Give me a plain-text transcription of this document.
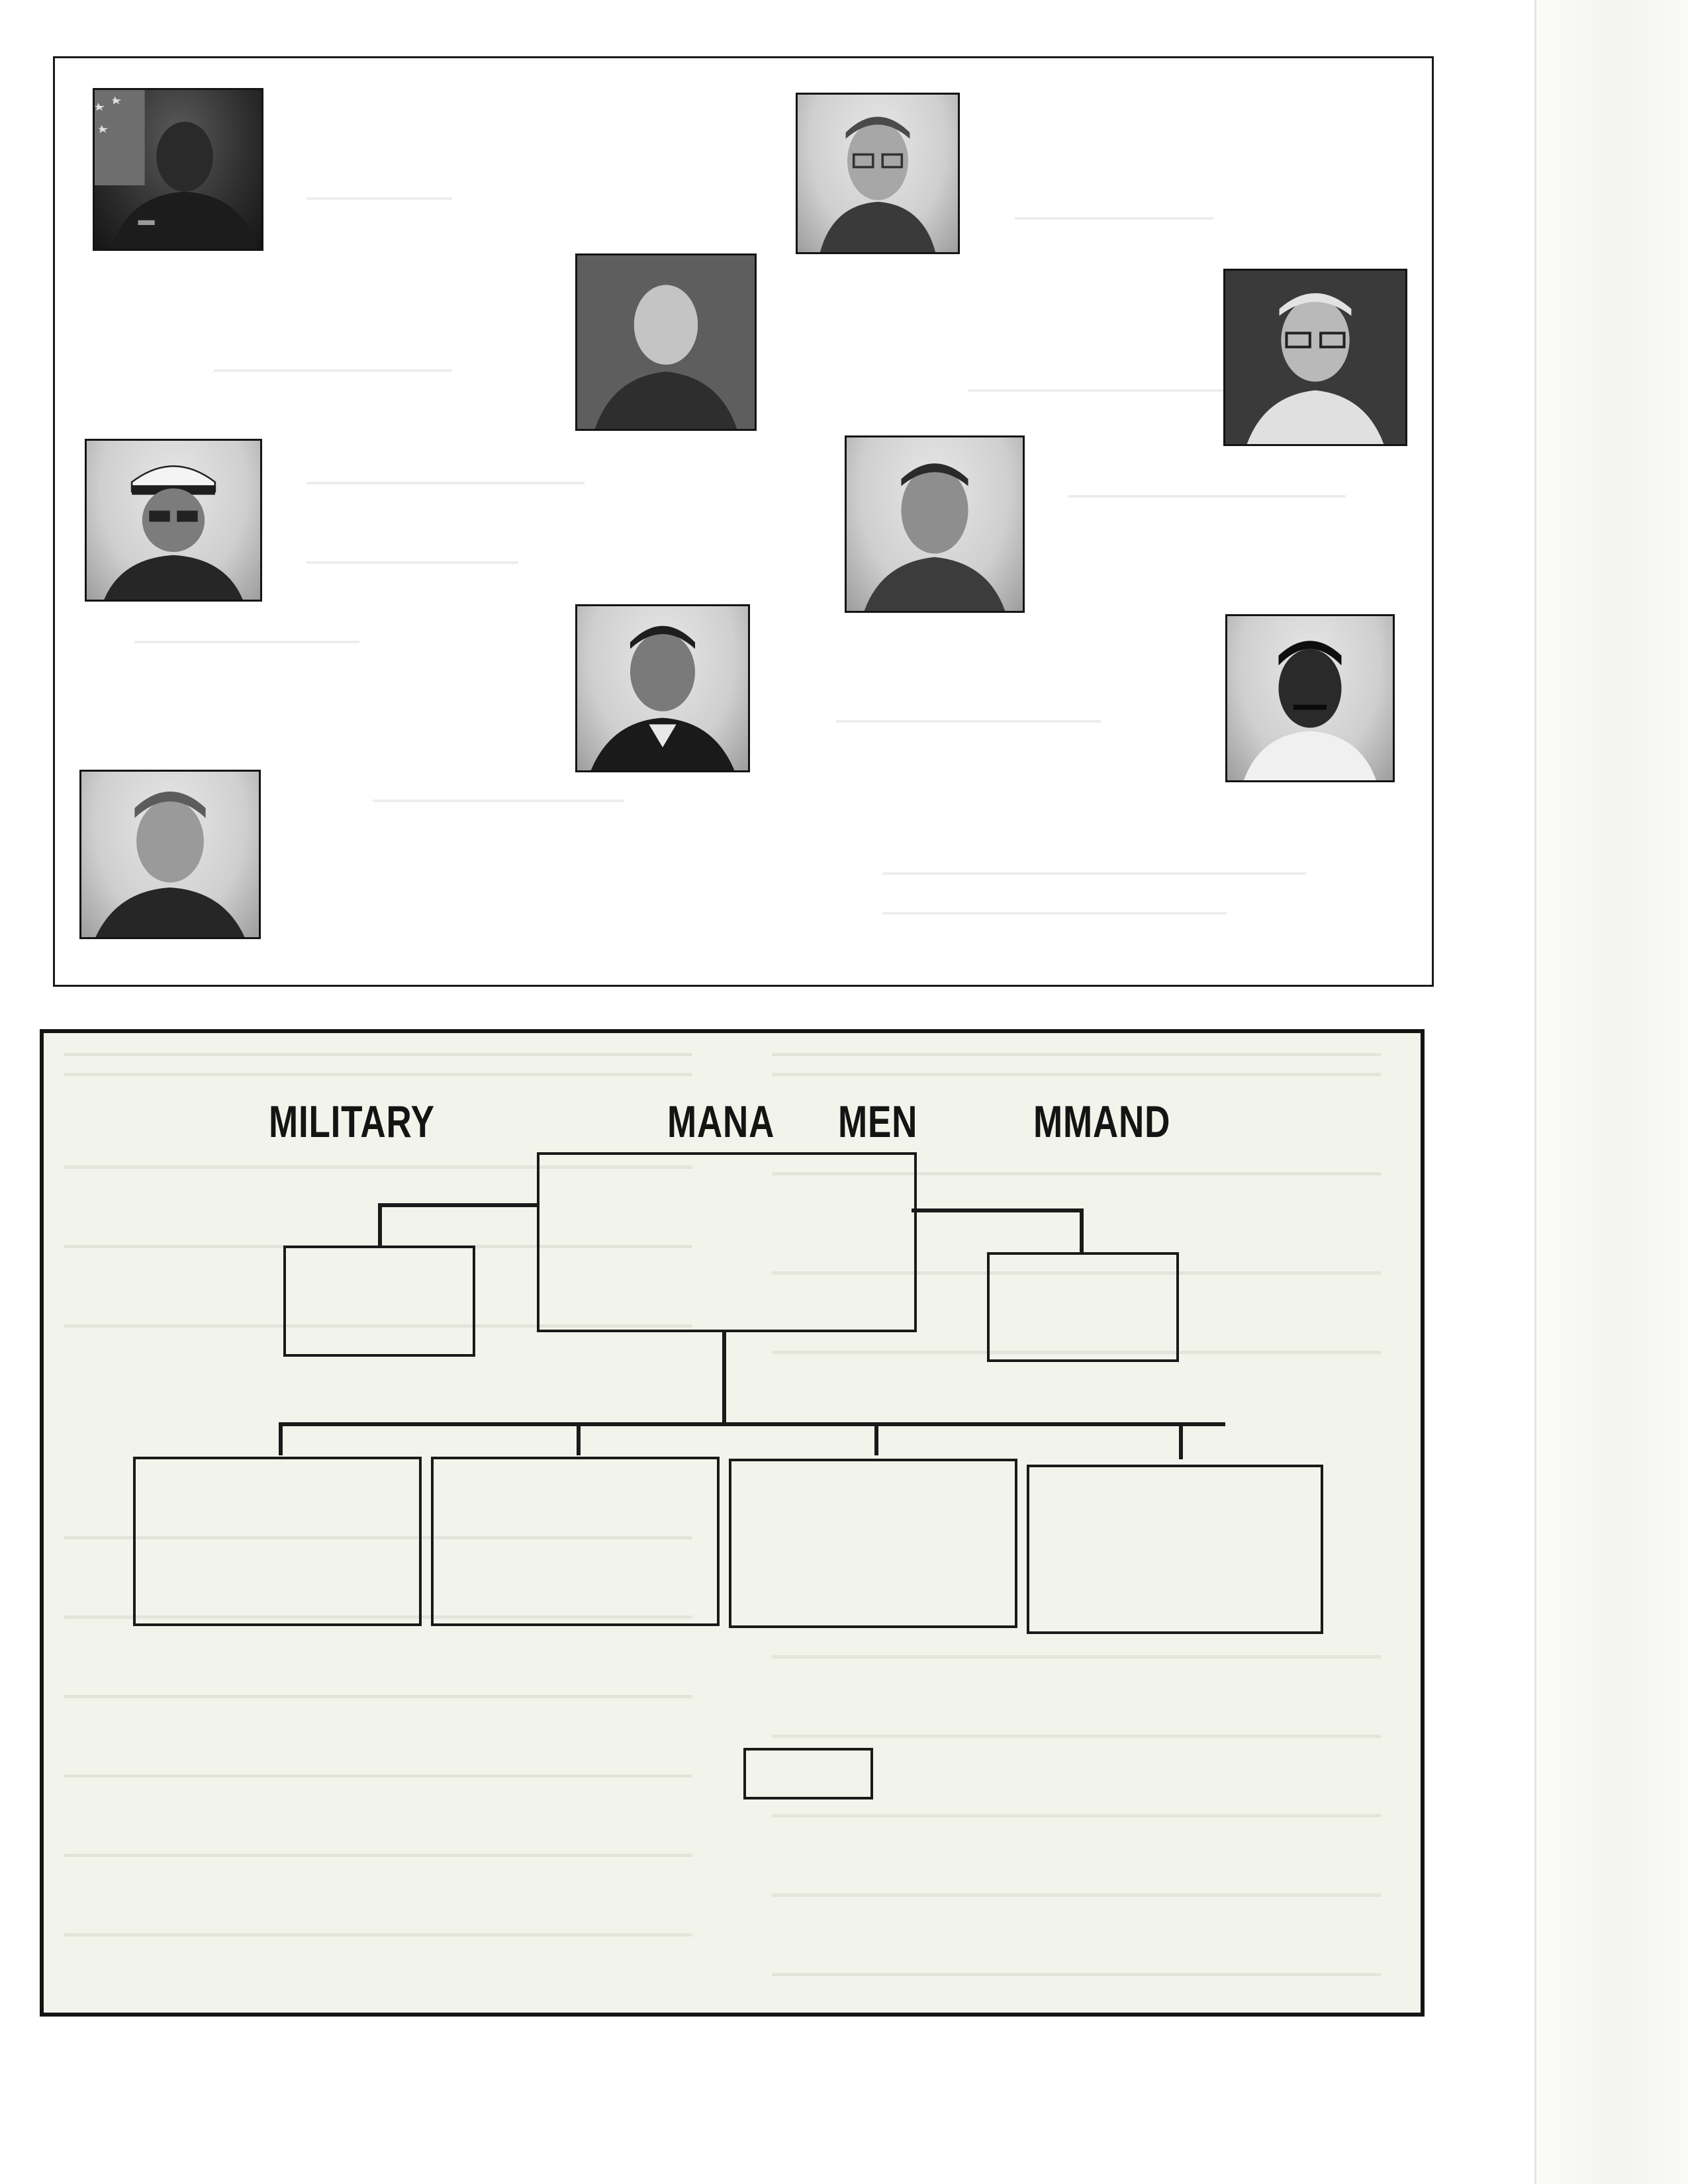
MILITARY	MANA MEN	MMAND
